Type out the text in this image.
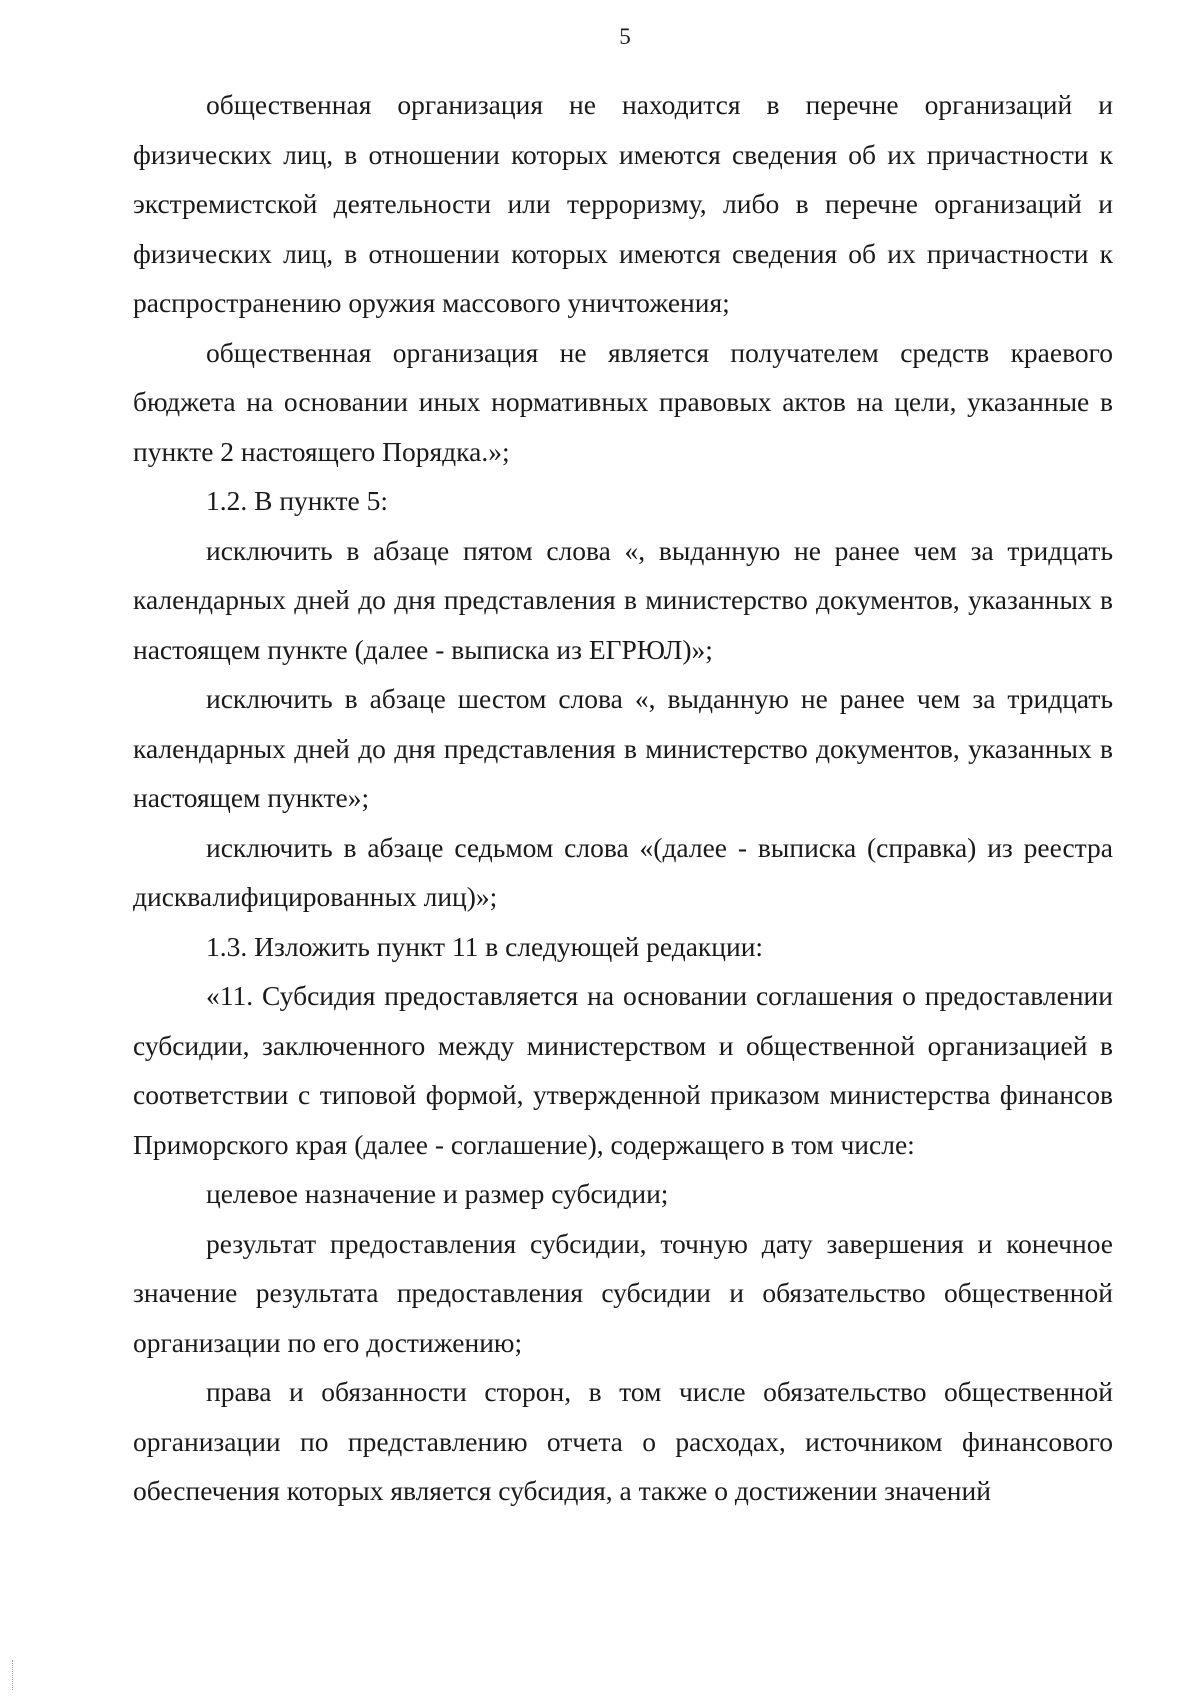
5

общественная организация не находится в перечне организаций и физических лиц, в отношении которых имеются сведения об их причастности к экстремистской деятельности или терроризму, либо в перечне организаций и физических лиц, в отношении которых имеются сведения об их причастности к распространению оружия массового уничтожения;

общественная организация не является получателем средств краевого бюджета на основании иных нормативных правовых актов на цели, указанные в пункте 2 настоящего Порядка.»;

1.2. В пункте 5:

исключить в абзаце пятом слова «, выданную не ранее чем за тридцать календарных дней до дня представления в министерство документов, указанных в настоящем пункте (далее - выписка из ЕГРЮЛ)»;

исключить в абзаце шестом слова «, выданную не ранее чем за тридцать календарных дней до дня представления в министерство документов, указанных в настоящем пункте»;

исключить в абзаце седьмом слова «(далее - выписка (справка) из реестра дисквалифицированных лиц)»;

1.3. Изложить пункт 11 в следующей редакции:

«11. Субсидия предоставляется на основании соглашения о предоставлении субсидии, заключенного между министерством и общественной организацией в соответствии с типовой формой, утвержденной приказом министерства финансов Приморского края (далее - соглашение), содержащего в том числе:

целевое назначение и размер субсидии;

результат предоставления субсидии, точную дату завершения и конечное значение результата предоставления субсидии и обязательство общественной организации по его достижению;

права и обязанности сторон, в том числе обязательство общественной организации по представлению отчета о расходах, источником финансового обеспечения которых является субсидия, а также о достижении значений
